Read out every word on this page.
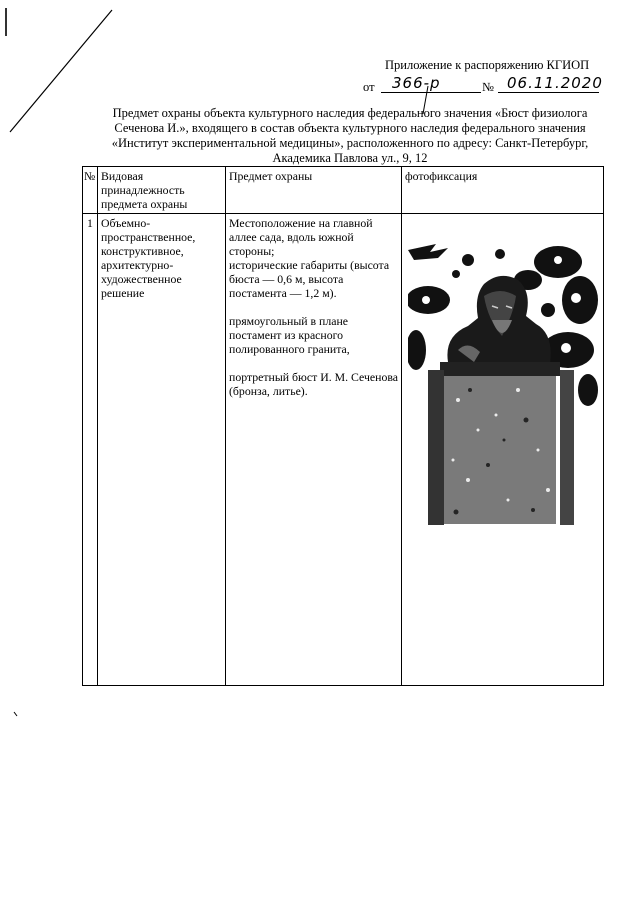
Приложение к распоряжению КГИОП
от 366-р	№ 06.11.2020
Предмет охраны объекта культурного наследия федерального значения «Бюст физиолога
Сеченова И.», входящего в состав объекта культурного наследия федерального значения
«Институт экспериментальной медицины», расположенного по адресу: Санкт-Петербург,
Академика Павлова ул., 9, 12
№	Видовая принадлежность предмета охраны	Предмет охраны	фотофиксация
1	Объемно-пространственное, конструктивное, архитектурно-художественное решение	Местоположение на главной аллее сада, вдоль южной стороны;
исторические габариты (высота бюста — 0,6 м, высота постамента — 1,2 м).
прямоугольный в плане постамент из красного полированного гранита,
портретный бюст И. М. Сеченова (бронза, литье).
